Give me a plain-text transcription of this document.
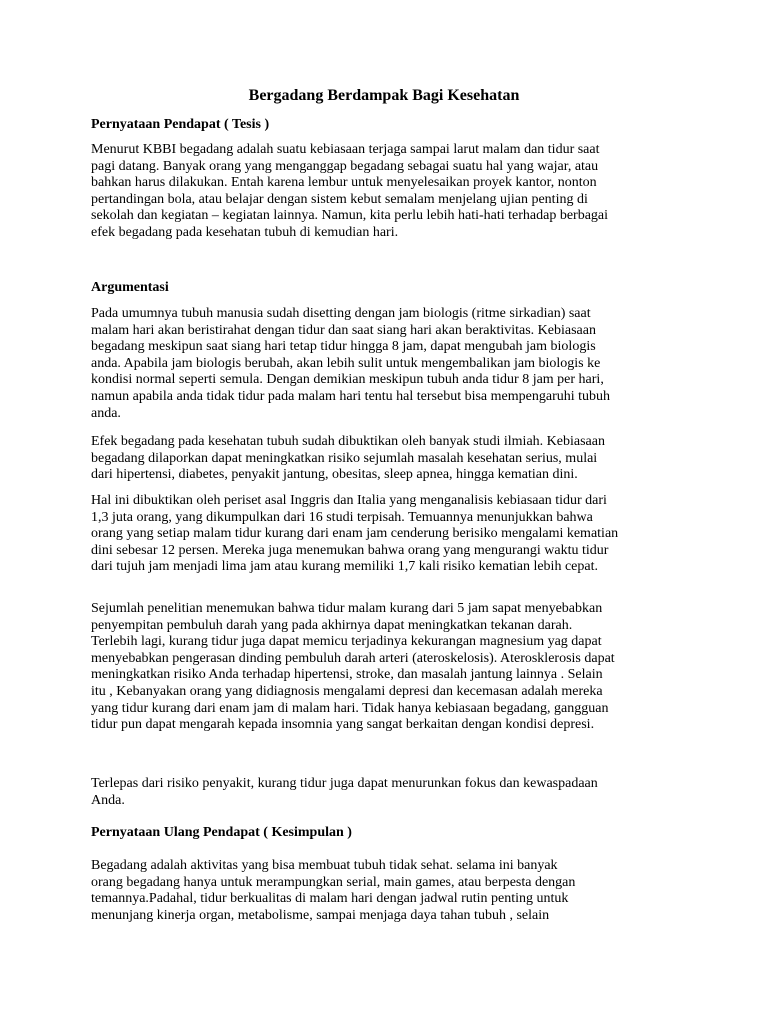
Bergadang Berdampak Bagi Kesehatan
Pernyataan Pendapat ( Tesis )
Menurut KBBI begadang adalah suatu kebiasaan terjaga sampai larut malam dan tidur saat
pagi datang. Banyak orang yang menganggap begadang sebagai suatu hal yang wajar, atau
bahkan harus dilakukan. Entah karena lembur untuk menyelesaikan proyek kantor, nonton
pertandingan bola, atau belajar dengan sistem kebut semalam menjelang ujian penting di
sekolah dan kegiatan – kegiatan lainnya. Namun, kita perlu lebih hati-hati terhadap berbagai
efek begadang pada kesehatan tubuh di kemudian hari.
Argumentasi
Pada umumnya tubuh manusia sudah disetting dengan jam biologis (ritme sirkadian) saat
malam hari akan beristirahat dengan tidur dan saat siang hari akan beraktivitas. Kebiasaan
begadang meskipun saat siang hari tetap tidur hingga 8 jam, dapat mengubah jam biologis
anda. Apabila jam biologis berubah, akan lebih sulit untuk mengembalikan jam biologis ke
kondisi normal seperti semula. Dengan demikian meskipun tubuh anda tidur 8 jam per hari,
namun apabila anda tidak tidur pada malam hari tentu hal tersebut bisa mempengaruhi tubuh
anda.
Efek begadang pada kesehatan tubuh sudah dibuktikan oleh banyak studi ilmiah. Kebiasaan
begadang dilaporkan dapat meningkatkan risiko sejumlah masalah kesehatan serius, mulai
dari hipertensi, diabetes, penyakit jantung, obesitas, sleep apnea, hingga kematian dini.
Hal ini dibuktikan oleh periset asal Inggris dan Italia yang menganalisis kebiasaan tidur dari
1,3 juta orang, yang dikumpulkan dari 16 studi terpisah. Temuannya menunjukkan bahwa
orang yang setiap malam tidur kurang dari enam jam cenderung berisiko mengalami kematian
dini sebesar 12 persen. Mereka juga menemukan bahwa orang yang mengurangi waktu tidur
dari tujuh jam menjadi lima jam atau kurang memiliki 1,7 kali risiko kematian lebih cepat.
Sejumlah penelitian menemukan bahwa tidur malam kurang dari 5 jam sapat menyebabkan
penyempitan pembuluh darah yang pada akhirnya dapat meningkatkan tekanan darah.
Terlebih lagi, kurang tidur juga dapat memicu terjadinya kekurangan magnesium yag dapat
menyebabkan pengerasan dinding pembuluh darah arteri (ateroskelosis). Aterosklerosis dapat
meningkatkan risiko Anda terhadap hipertensi, stroke, dan masalah jantung lainnya . Selain
itu , Kebanyakan orang yang didiagnosis mengalami depresi dan kecemasan adalah mereka
yang tidur kurang dari enam jam di malam hari. Tidak hanya kebiasaan begadang, gangguan
tidur pun dapat mengarah kepada insomnia yang sangat berkaitan dengan kondisi depresi.
Terlepas dari risiko penyakit, kurang tidur juga dapat menurunkan fokus dan kewaspadaan
Anda.
Pernyataan Ulang Pendapat ( Kesimpulan )
Begadang adalah aktivitas yang bisa membuat tubuh tidak sehat. selama ini banyak
orang begadang hanya untuk merampungkan serial, main games, atau berpesta dengan
temannya.Padahal, tidur berkualitas di malam hari dengan jadwal rutin penting untuk
menunjang kinerja organ, metabolisme, sampai menjaga daya tahan tubuh , selain
